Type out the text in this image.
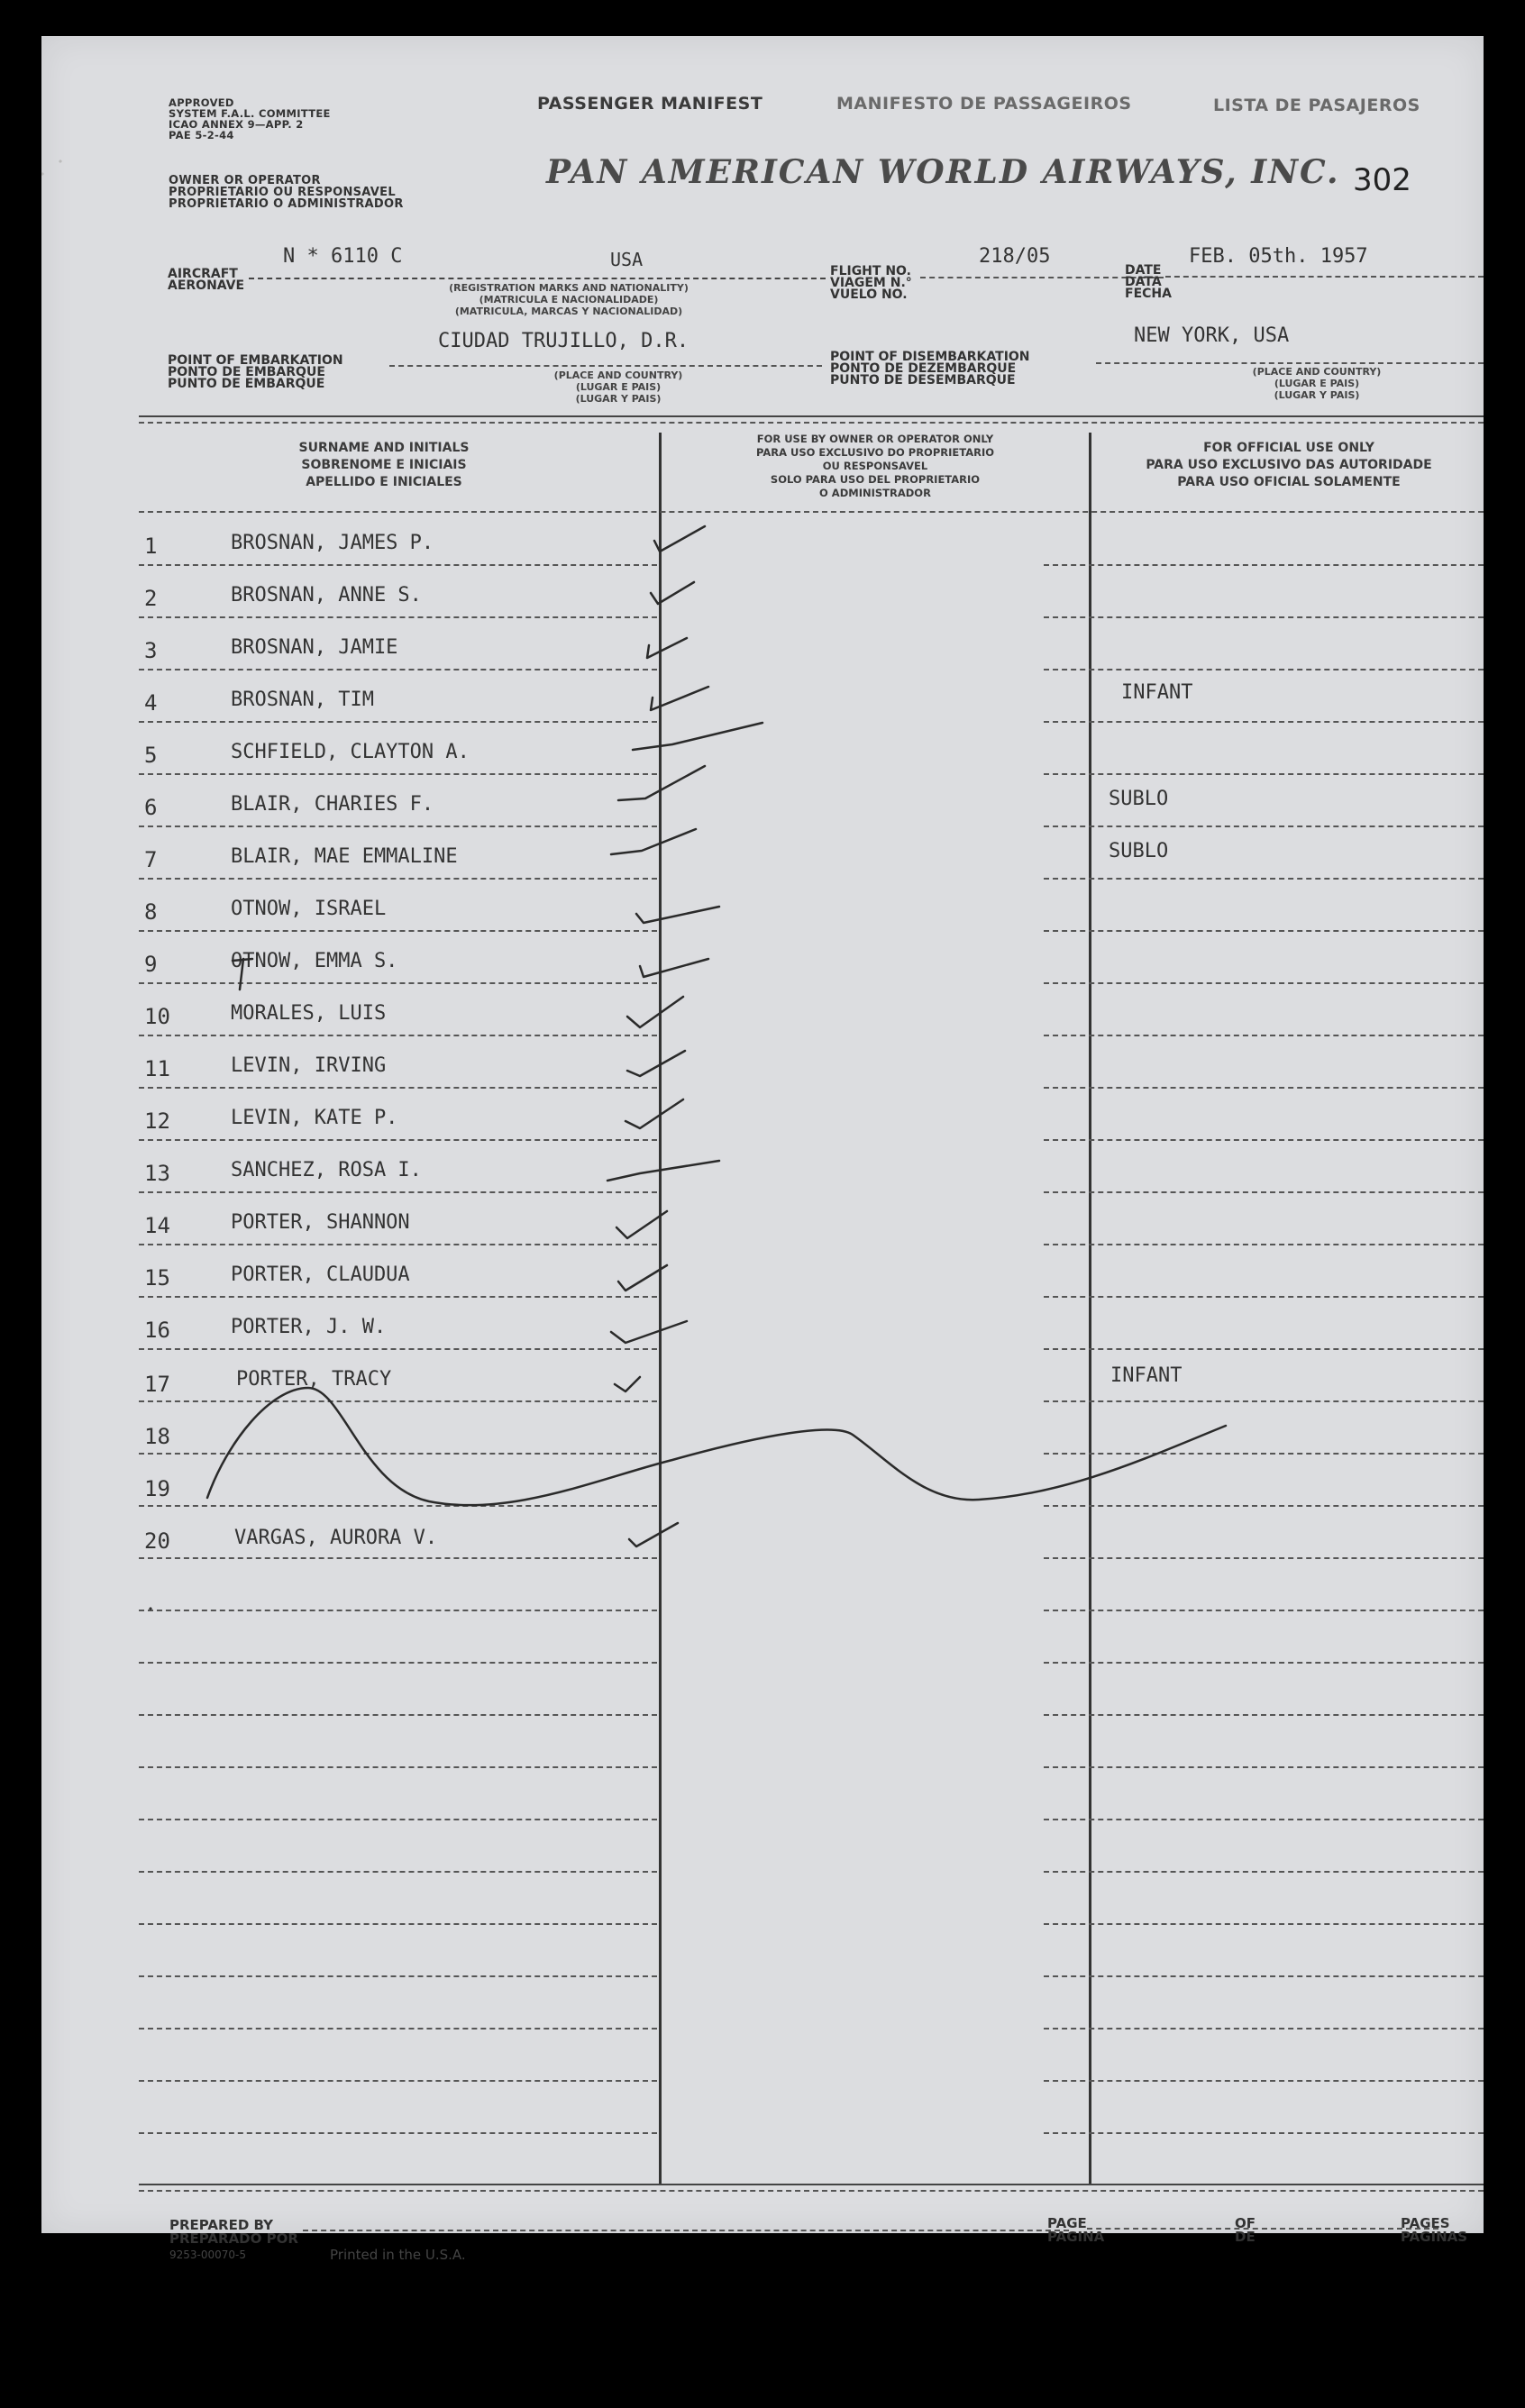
APPROVED
SYSTEM F.A.L. COMMITTEE
ICAO ANNEX 9—APP. 2
PAE 5-2-44
OWNER OR OPERATOR
PROPRIETARIO OU RESPONSAVEL
PROPRIETARIO O ADMINISTRADOR
PASSENGER MANIFEST	MANIFESTO DE PASSAGEIROS	LISTA DE PASAJEROS
PAN AMERICAN WORLD AIRWAYS, INC. 302
AIRCRAFT
AERONAVE
N * 6110 C	USA
(REGISTRATION MARKS AND NATIONALITY)
(MATRICULA E NACIONALIDADE)
(MATRICULA, MARCAS Y NACIONALIDAD)
FLIGHT NO.
VIAGEM N.°
VUELO NO.
218/05
DATE
DATA
FECHA
FEB. 05th. 1957
POINT OF EMBARKATION
PONTO DE EMBARQUE
PUNTO DE EMBARQUE
CIUDAD TRUJILLO, D.R.
(PLACE AND COUNTRY)
(LUGAR E PAIS)
(LUGAR Y PAIS)
POINT OF DISEMBARKATION
PONTO DE DEZEMBARQUE
PUNTO DE DESEMBARQUE
NEW YORK, USA
(PLACE AND COUNTRY)
(LUGAR E PAIS)
(LUGAR Y PAIS)
SURNAME AND INITIALS
SOBRENOME E INICIAIS
APELLIDO E INICIALES
FOR USE BY OWNER OR OPERATOR ONLY
PARA USO EXCLUSIVO DO PROPRIETARIO
OU RESPONSAVEL
SOLO PARA USO DEL PROPRIETARIO
O ADMINISTRADOR
FOR OFFICIAL USE ONLY
PARA USO EXCLUSIVO DAS AUTORIDADE
PARA USO OFICIAL SOLAMENTE
1	BROSNAN, JAMES P.
2	BROSNAN, ANNE S.
3	BROSNAN, JAMIE
4	BROSNAN, TIM	INFANT
5	SCHFIELD, CLAYTON A.
6	BLAIR, CHARIES F.	SUBLO
7	BLAIR, MAE EMMALINE	SUBLO
8	OTNOW, ISRAEL
9	OTNOW, EMMA S.
10	MORALES, LUIS
11	LEVIN, IRVING
12	LEVIN, KATE P.
13	SANCHEZ, ROSA I.
14	PORTER, SHANNON
15	PORTER, CLAUDUA
16	PORTER, J. W.
17	PORTER, TRACY	INFANT
18
19
20	VARGAS, AURORA V.
PREPARED BY
PREPARADO POR
9253-00070-5	Printed in the U.S.A.
PAGE
PAGINA
OF
DE
PAGES
PAGINAS
